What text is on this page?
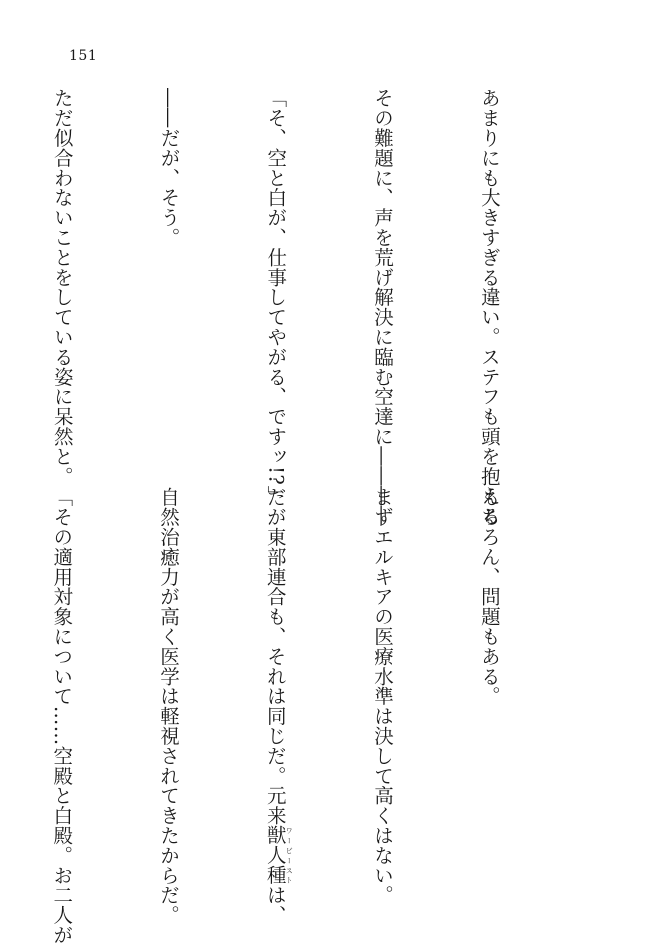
151

あまりにも大きすぎる違い。ステフも頭を抱える

その難題に、声を荒げ解決に臨む空達に――――

「そ、空と白が、仕事してやがる、ですッ!?」

――だが、そう。

ただ似合わないことをしている姿に呆然と。

もちろん、問題もある。

まずエルキアの医療水準は決して高くはない。

だが東部連合も、それは同じだ。元来獣人種ワービーストは、

自然治癒力が高く医学は軽視されてきたからだ。

「その適用対象について……空殿と白殿。お二人が
